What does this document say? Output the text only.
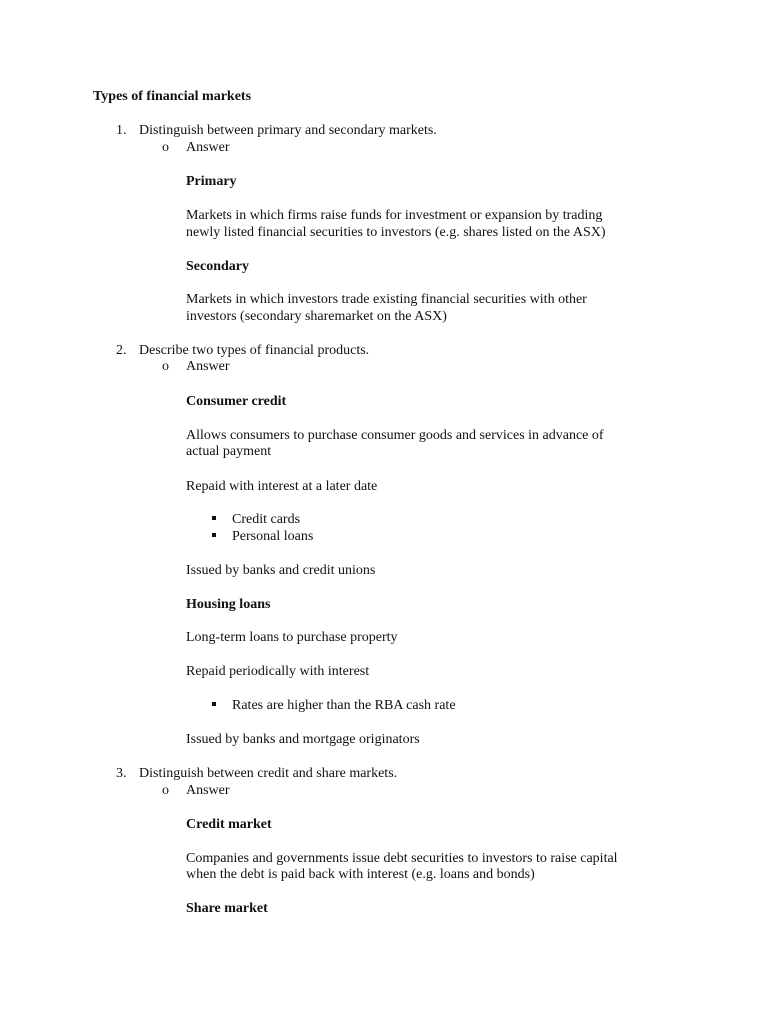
Types of financial markets
1. Distinguish between primary and secondary markets.
o Answer
Primary
Markets in which firms raise funds for investment or expansion by trading
newly listed financial securities to investors (e.g. shares listed on the ASX)
Secondary
Markets in which investors trade existing financial securities with other
investors (secondary sharemarket on the ASX)
2. Describe two types of financial products.
o Answer
Consumer credit
Allows consumers to purchase consumer goods and services in advance of
actual payment
Repaid with interest at a later date
Credit cards
Personal loans
Issued by banks and credit unions
Housing loans
Long-term loans to purchase property
Repaid periodically with interest
Rates are higher than the RBA cash rate
Issued by banks and mortgage originators
3. Distinguish between credit and share markets.
o Answer
Credit market
Companies and governments issue debt securities to investors to raise capital
when the debt is paid back with interest (e.g. loans and bonds)
Share market
